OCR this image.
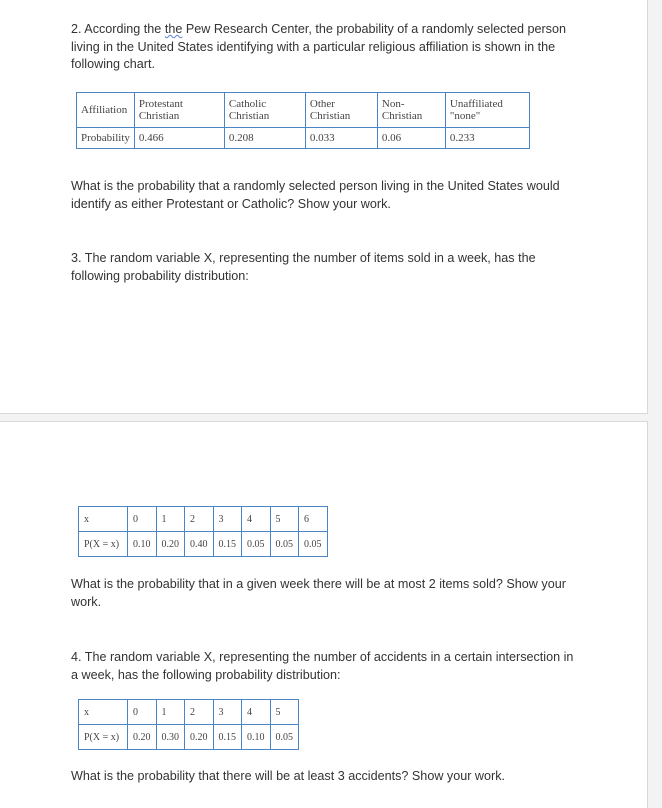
2. According the the Pew Research Center, the probability of a randomly selected person living in the United States identifying with a particular religious affiliation is shown in the following chart.

Affiliation	Protestant Christian	Catholic Christian	Other Christian	Non-Christian	Unaffiliated "none"
Probability	0.466	0.208	0.033	0.06	0.233

What is the probability that a randomly selected person living in the United States would identify as either Protestant or Catholic? Show your work.

3. The random variable X, representing the number of items sold in a week, has the following probability distribution:

x	0	1	2	3	4	5	6
P(X = x)	0.10	0.20	0.40	0.15	0.05	0.05	0.05

What is the probability that in a given week there will be at most 2 items sold? Show your work.

4. The random variable X, representing the number of accidents in a certain intersection in a week, has the following probability distribution:

x	0	1	2	3	4	5
P(X = x)	0.20	0.30	0.20	0.15	0.10	0.05

What is the probability that there will be at least 3 accidents? Show your work.
